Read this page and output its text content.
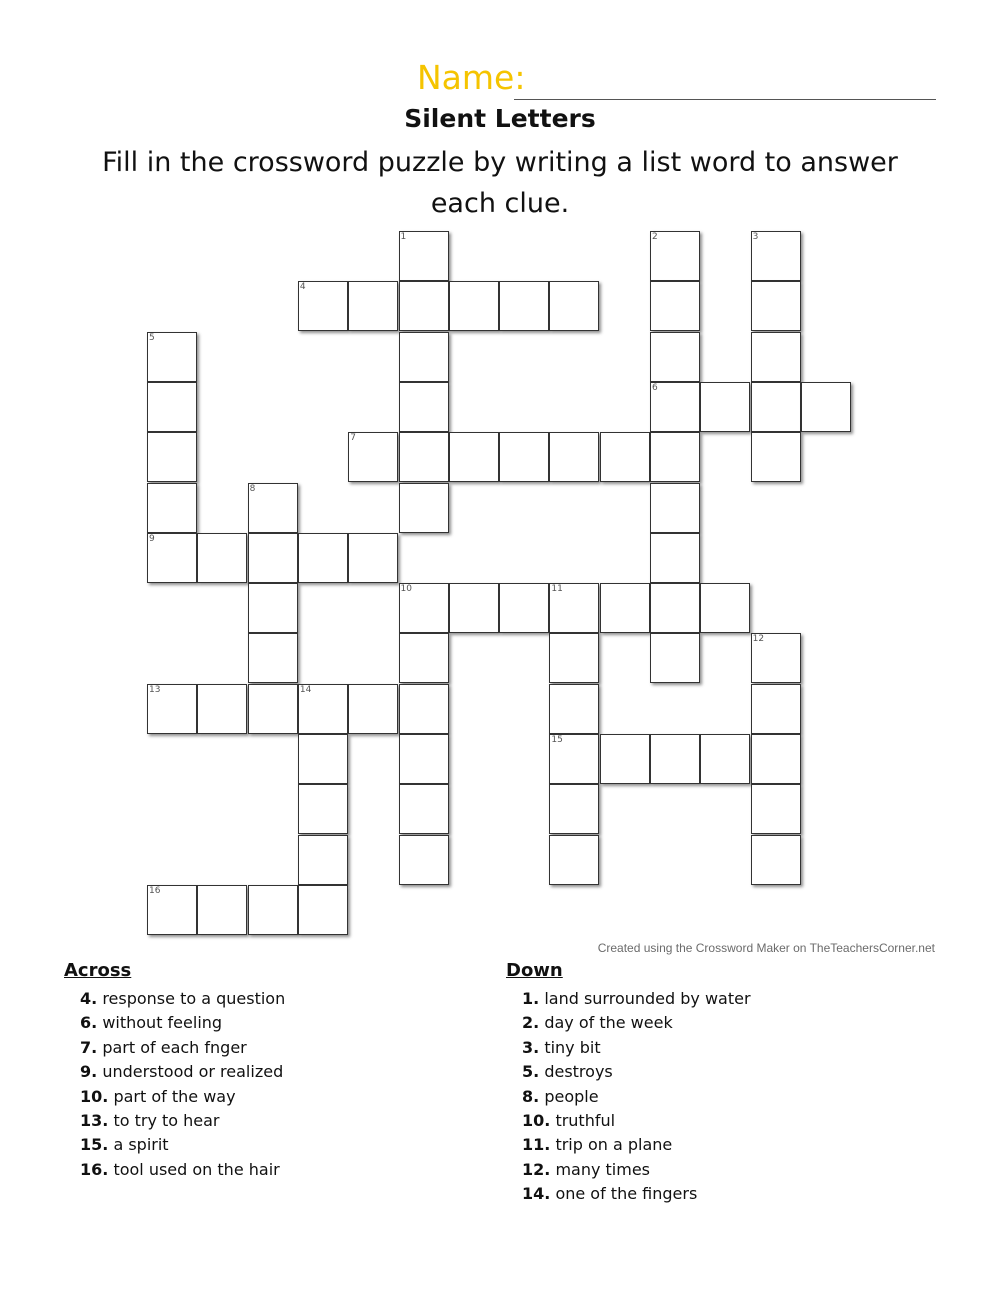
Name:
Silent Letters
Fill in the crossword puzzle by writing a list word to answer each clue.
1	2	3
4
5
6
7
8
9
10	11
12
13	14
15
16
Created using the Crossword Maker on TheTeachersCorner.net
Across
4. response to a question
6. without feeling
7. part of each fnger
9. understood or realized
10. part of the way
13. to try to hear
15. a spirit
16. tool used on the hair
Down
1. land surrounded by water
2. day of the week
3. tiny bit
5. destroys
8. people
10. truthful
11. trip on a plane
12. many times
14. one of the fingers
